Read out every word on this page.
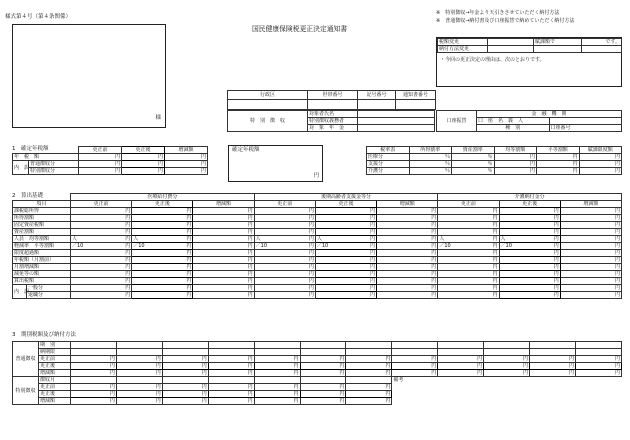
様式第４号（第４条関係）
様
国民健康保険税更正決定通知書
※　特別徴収→年金より天引きさせていただく納付方法
※　普通徴収→納付書及び口座振替で納めていただく納付方法
税額変更		賦課額で	です。
納付方法変更			
・今回の更正決定の理由は、次のとおりです。
行政区	世帯番号	記号番号	通知書番号

特　別　徴　収	対象者氏名	
	特別徴収義務者	
	対　象　年　金	
口座振替	金　融　機　関	
	口　座　名　義　人	
	種　別	口座番号
1　確定年税額
			更正前	更正後	増減額
年　税　額		円	円	円
内　訳	普通徴収分	円	円	円
	特別徴収分	円	円	円
確定年税額
円
税率表	所得割率	資産割率	均等割額	平等割額	賦課限度額
医療分	％	％	円	円	円
支援分	％	％	円	円	円
介護分	％	％	円	円	円
2　算出基礎
		医療給付費分			後期高齢者支援金等分			介護納付金分		
項目		更正前	更正後	増減額	更正前	更正後	増減額	更正前	更正後	増減額
課税総所得		円	円	円	円	円	円	円	円	円
所得割額		円	円	円	円	円	円	円	円	円
固定資産税額		円	円	円	円	円	円	円	円	円
資産割額		円	円	円	円	円	円	円	円	円
人員　均等割額		人 円	人 円	円	人 円	人 円	円	人 円	人 円	円
軽減率　平等割額		／10 円	／10 円	円	／10 円	／10 円	円	／10 円	／10 円	円
限度超過額		円	円	円	円	円	円	円	円	円
年税額（月割前）		円	円	円	円	円	円	円	円	円
月割増減額		円	円	円	円	円	円	円	円	円
減免等の額		円	円	円	円	円	円	円	円	円
算出税額		円	円	円	円	円	円	円	円	円
内　訳	一般分	円	円	円	円	円	円	円	円	円
	退職分	円	円	円	円	円	円	円	円	円
3　期別税額及び納付方法
普通徴収	期　別												
	納期限												
	更正前	円	円	円	円	円	円	円	円	円	円	円	円
	更正後	円	円	円	円	円	円	円	円	円	円	円	円
	増減額	円	円	円	円	円	円	円	円	円	円	円	円
特別徴収	徴収月								備考				
	更正前	円	円	円	円	円	円	円					
	更正後	円	円	円	円	円	円	円					
	増減額	円	円	円	円	円	円	円					
